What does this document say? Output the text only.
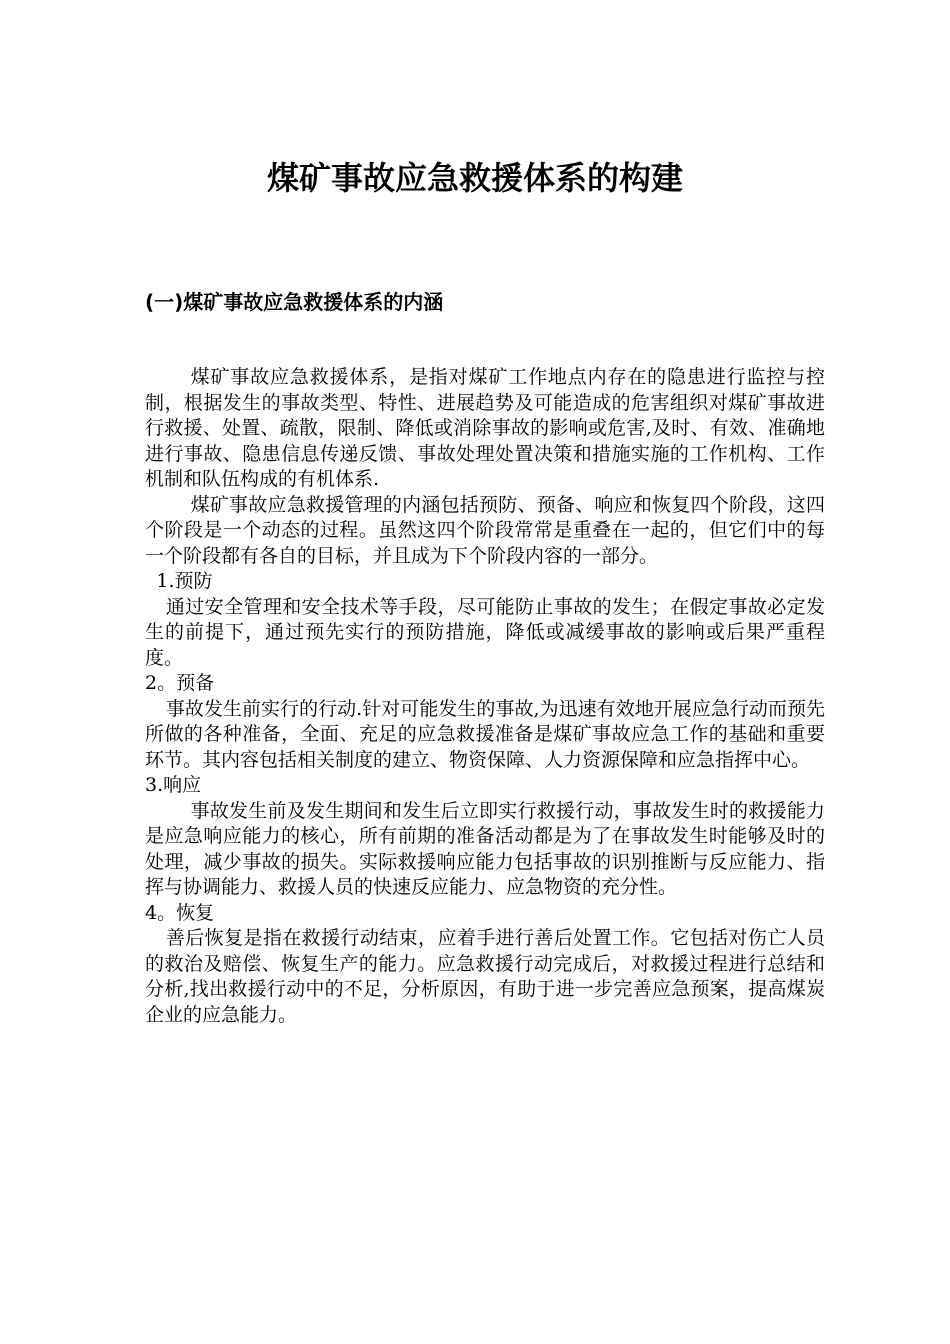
煤矿事故应急救援体系的构建
(一)煤矿事故应急救援体系的内涵

煤矿事故应急救援体系，是指对煤矿工作地点内存在的隐患进行监控与控制，根据发生的事故类型、特性、进展趋势及可能造成的危害组织对煤矿事故进行救援、处置、疏散，限制、降低或消除事故的影响或危害,及时、有效、准确地进行事故、隐患信息传递反馈、事故处理处置决策和措施实施的工作机构、工作机制和队伍构成的有机体系.

煤矿事故应急救援管理的内涵包括预防、预备、响应和恢复四个阶段，这四个阶段是一个动态的过程。虽然这四个阶段常常是重叠在一起的，但它们中的每一个阶段都有各自的目标，并且成为下个阶段内容的一部分。

1.预防

通过安全管理和安全技术等手段，尽可能防止事故的发生；在假定事故必定发生的前提下，通过预先实行的预防措施，降低或减缓事故的影响或后果严重程度。

2。预备

事故发生前实行的行动.针对可能发生的事故,为迅速有效地开展应急行动而预先所做的各种准备，全面、充足的应急救援准备是煤矿事故应急工作的基础和重要环节。其内容包括相关制度的建立、物资保障、人力资源保障和应急指挥中心。

3.响应

事故发生前及发生期间和发生后立即实行救援行动，事故发生时的救援能力是应急响应能力的核心，所有前期的准备活动都是为了在事故发生时能够及时的处理，减少事故的损失。实际救援响应能力包括事故的识别推断与反应能力、指挥与协调能力、救援人员的快速反应能力、应急物资的充分性。

4。恢复

善后恢复是指在救援行动结束，应着手进行善后处置工作。它包括对伤亡人员的救治及赔偿、恢复生产的能力。应急救援行动完成后，对救援过程进行总结和分析,找出救援行动中的不足，分析原因，有助于进一步完善应急预案，提高煤炭企业的应急能力。
